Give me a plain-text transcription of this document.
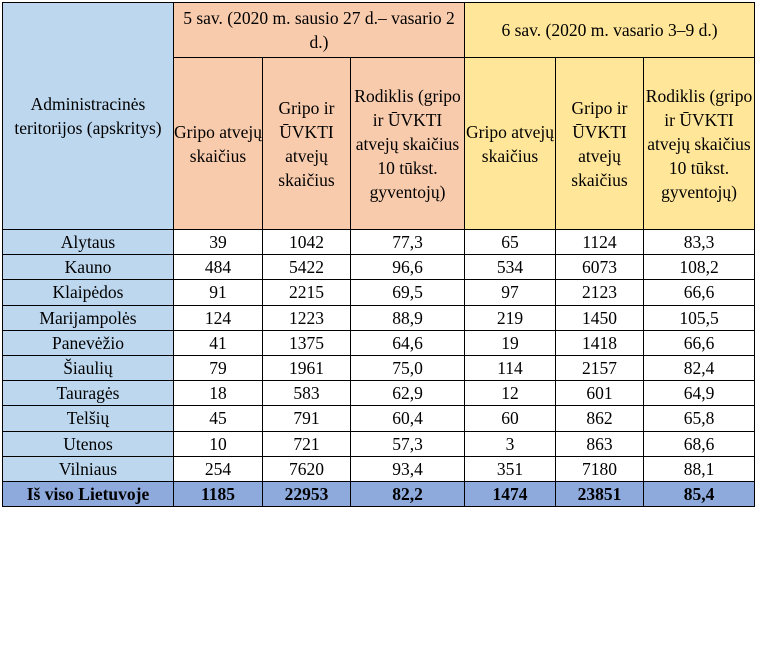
Administracinės teritorijos (apskritys)	5 sav. (2020 m. sausio 27 d.– vasario 2 d.)			6 sav. (2020 m. vasario 3–9 d.)		
	Gripo atvejų skaičius	Gripo ir ŪVKTI atvejų skaičius	Rodiklis (gripo ir ŪVKTI atvejų skaičius 10 tūkst. gyventojų)	Gripo atvejų skaičius	Gripo ir ŪVKTI atvejų skaičius	Rodiklis (gripo ir ŪVKTI atvejų skaičius 10 tūkst. gyventojų)
Alytaus	39	1042	77,3	65	1124	83,3
Kauno	484	5422	96,6	534	6073	108,2
Klaipėdos	91	2215	69,5	97	2123	66,6
Marijampolės	124	1223	88,9	219	1450	105,5
Panevėžio	41	1375	64,6	19	1418	66,6
Šiaulių	79	1961	75,0	114	2157	82,4
Tauragės	18	583	62,9	12	601	64,9
Telšių	45	791	60,4	60	862	65,8
Utenos	10	721	57,3	3	863	68,6
Vilniaus	254	7620	93,4	351	7180	88,1
Iš viso Lietuvoje	1185	22953	82,2	1474	23851	85,4
